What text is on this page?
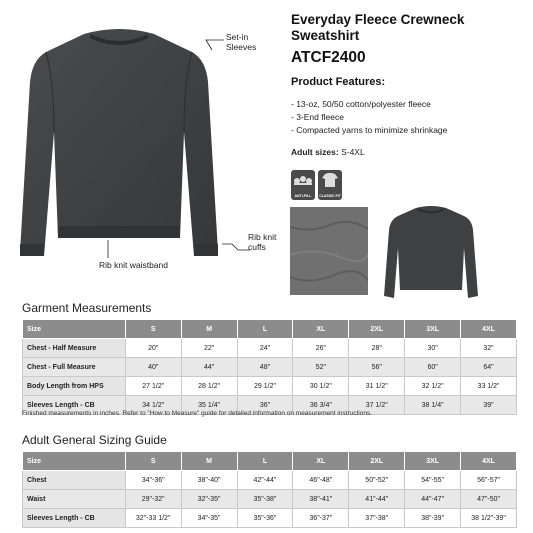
Set-in
Sleeves
Rib knit
cuffs
Rib knit waistband
Everyday Fleece Crewneck
Sweatshirt
ATCF2400
Product Features:
- 13-oz, 50/50 cotton/polyester fleece
- 3-End fleece
- Compacted yarns to minimize shrinkage
Adult sizes: S-4XL
ANTI-PILL	CLASSIC FIT
Garment Measurements
Size	S	M	L	XL	2XL	3XL	4XL
Chest - Half Measure	20"	22"	24"	26"	28"	30"	32"
Chest - Full Measure	40"	44"	48"	52"	56"	60"	64"
Body Length from HPS	27 1/2"	28 1/2"	29 1/2"	30 1/2"	31 1/2"	32 1/2"	33 1/2"
Sleeves Length - CB	34 1/2"	35 1/4"	36"	36 3/4"	37 1/2"	38 1/4"	39"
Finished measurements in inches. Refer to "How to Measure" guide for detailed information on measurement instructions.
Adult General Sizing Guide
Size	S	M	L	XL	2XL	3XL	4XL
Chest	34"-36"	38"-40"	42"-44"	46"-48"	50"-52"	54"-55"	56"-57"
Waist	29"-32"	32"-35"	35"-38"	38"-41"	41"-44"	44"-47"	47"-50"
Sleeves Length - CB	32"-33 1/2"	34"-35"	35"-36"	36"-37"	37"-38"	38"-39"	38 1/2"-39"
